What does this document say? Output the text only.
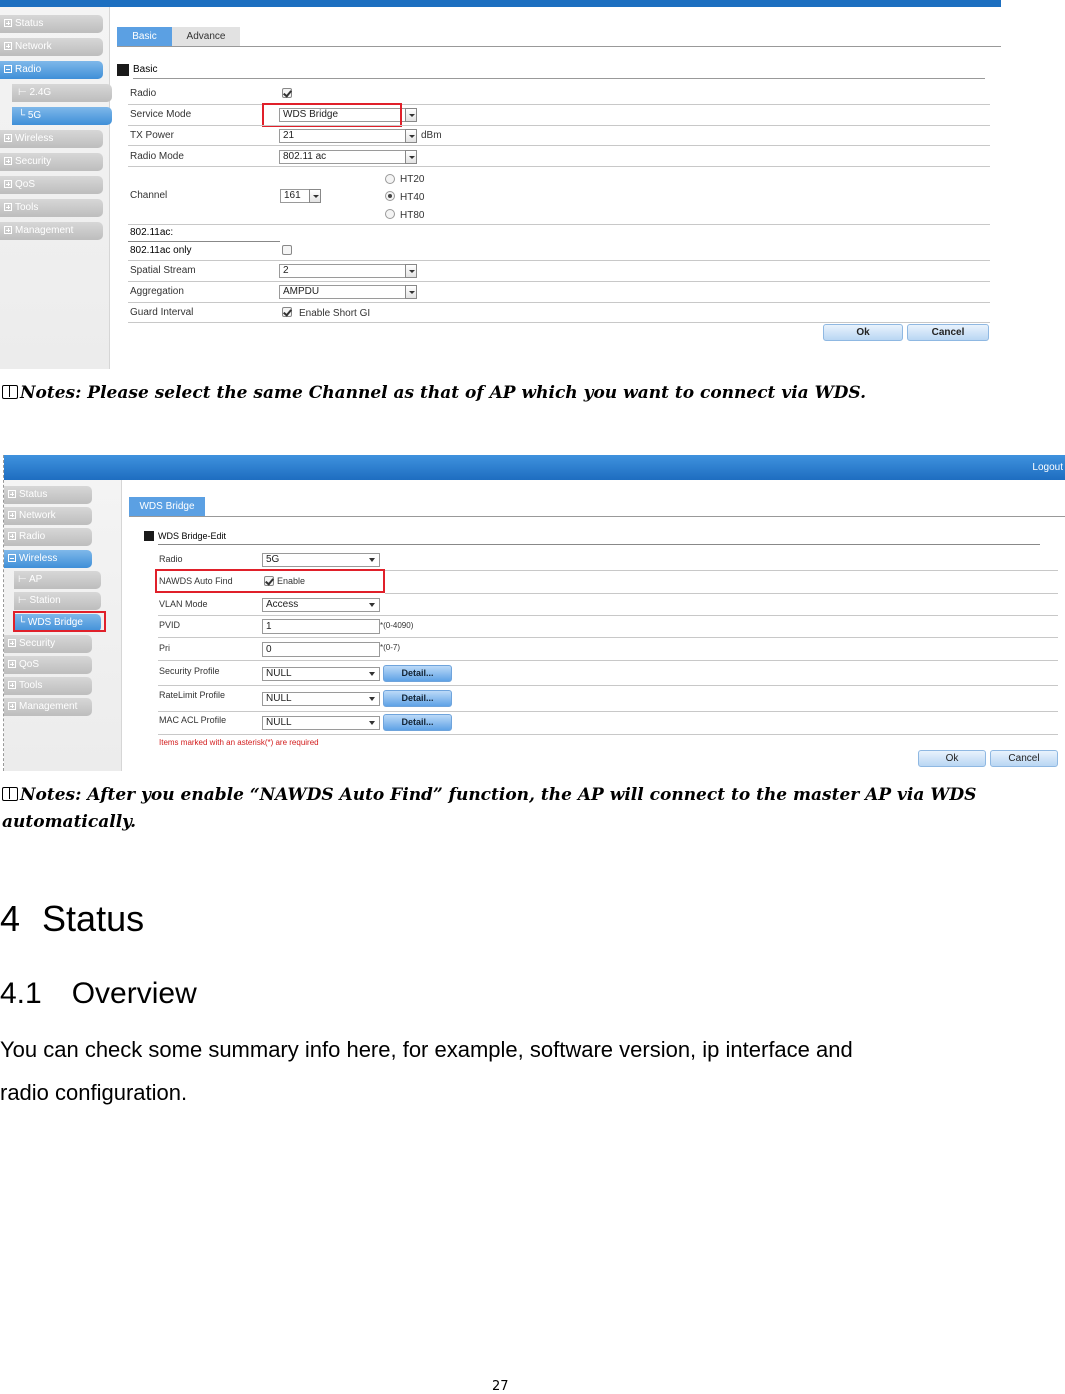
Status
Network
Radio
⊢ 2.4G
└ 5G
Wireless
Security
QoS
Tools
Management
Basic	Advance
Basic
Radio
Service Mode	WDS Bridge
TX Power	21	dBm
Radio Mode	802.11 ac
Channel	161
HT20
HT40
HT80
802.11ac:
802.11ac only
Spatial Stream	2
Aggregation	AMPDU
Guard Interval	Enable Short GI
Ok	Cancel
Notes: Please select the same Channel as that of AP which you want to connect via WDS.
Logout
Status
Network
Radio
Wireless
⊢ AP
⊢ Station
└ WDS Bridge
Security
QoS
Tools
Management
WDS Bridge
WDS Bridge-Edit
Radio	5G
NAWDS Auto Find	Enable
VLAN Mode	Access
PVID	1	*(0-4090)
Pri	0	*(0-7)
Security Profile	NULL	Detail...
RateLimit Profile	NULL	Detail...
MAC ACL Profile	NULL	Detail...
Items marked with an asterisk(*) are required
Ok	Cancel
Notes: After you enable “NAWDS Auto Find” function, the AP will connect to the master AP via WDS
automatically.
4 Status
4.1 Overview
You can check some summary info here, for example, software version, ip interface and
radio configuration.
27
